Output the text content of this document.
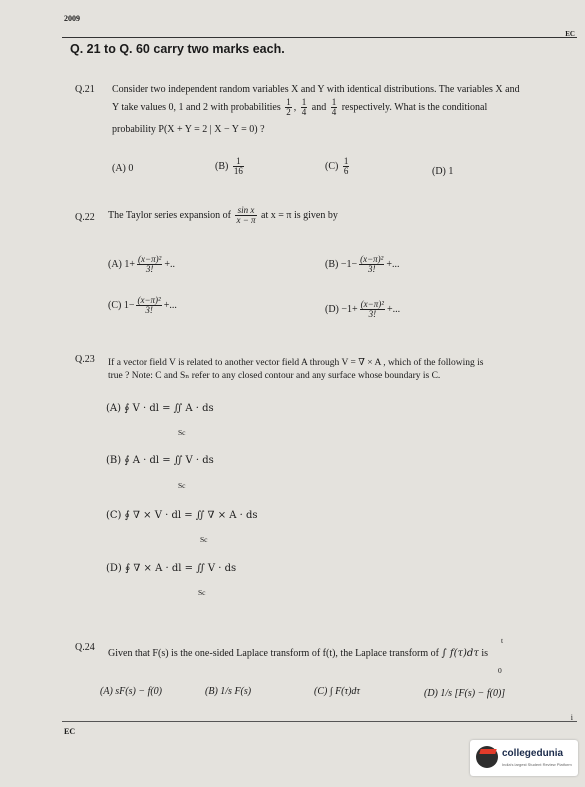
2009
EC
Q. 21 to Q. 60 carry two marks each.
Q.21 Consider two independent random variables X and Y with identical distributions. The variables X and
Y take values 0, 1 and 2 with probabilities $\frac{1}{2}$ , $\frac{1}{4}$ and $\frac{1}{4}$ respectively. What is the conditional
probability P(X + Y = 2 | X − Y = 0) ?
(A) 0	$(B) \frac{1}{16}$	$(C) \frac{1}{6}$	(D) 1
Q.22 The Taylor series expansion of $\frac{\text{sin x}}{x - \pi}$ at x = π is given by
(A) $1+ \frac{\text{(x−π)²}}{3!}$ +..	$(B) -1- \frac{\text{(x−π)²}}{3!}$ +...
(C) $1- \frac{\text{(x−π)²}}{3!}$ +...	$(D) -1+ \frac{\text{(x−π)²}}{3!}$ +...
Q.23 If a vector field V is related to another vector field A through V = ∇ × A , which of the following is
true ? Note: C and Sₙ refer to any closed contour and any surface whose boundary is C.
(A) ∮ V · dl = ∬ A · ds
Sc
(B) ∮ A · dl = ∬ V · ds
Sc
(C) ∮ ∇ × V · dl = ∬ ∇ × A · ds
Sc
(D) ∮ ∇ × A · dl = ∬ V · ds
Sc
Q.24
Given that F(s) is the one-sided Laplace transform of f(t), the Laplace transform of ∫ f(τ)dτ is
t
0
(A) sF(s) − f(0)	(B) 1/s F(s)	(C) ∫ F(τ)dτ	(D) 1/s [F(s) − f(0)]
i
EC
collegedunia
India's largest Student Review Platform
